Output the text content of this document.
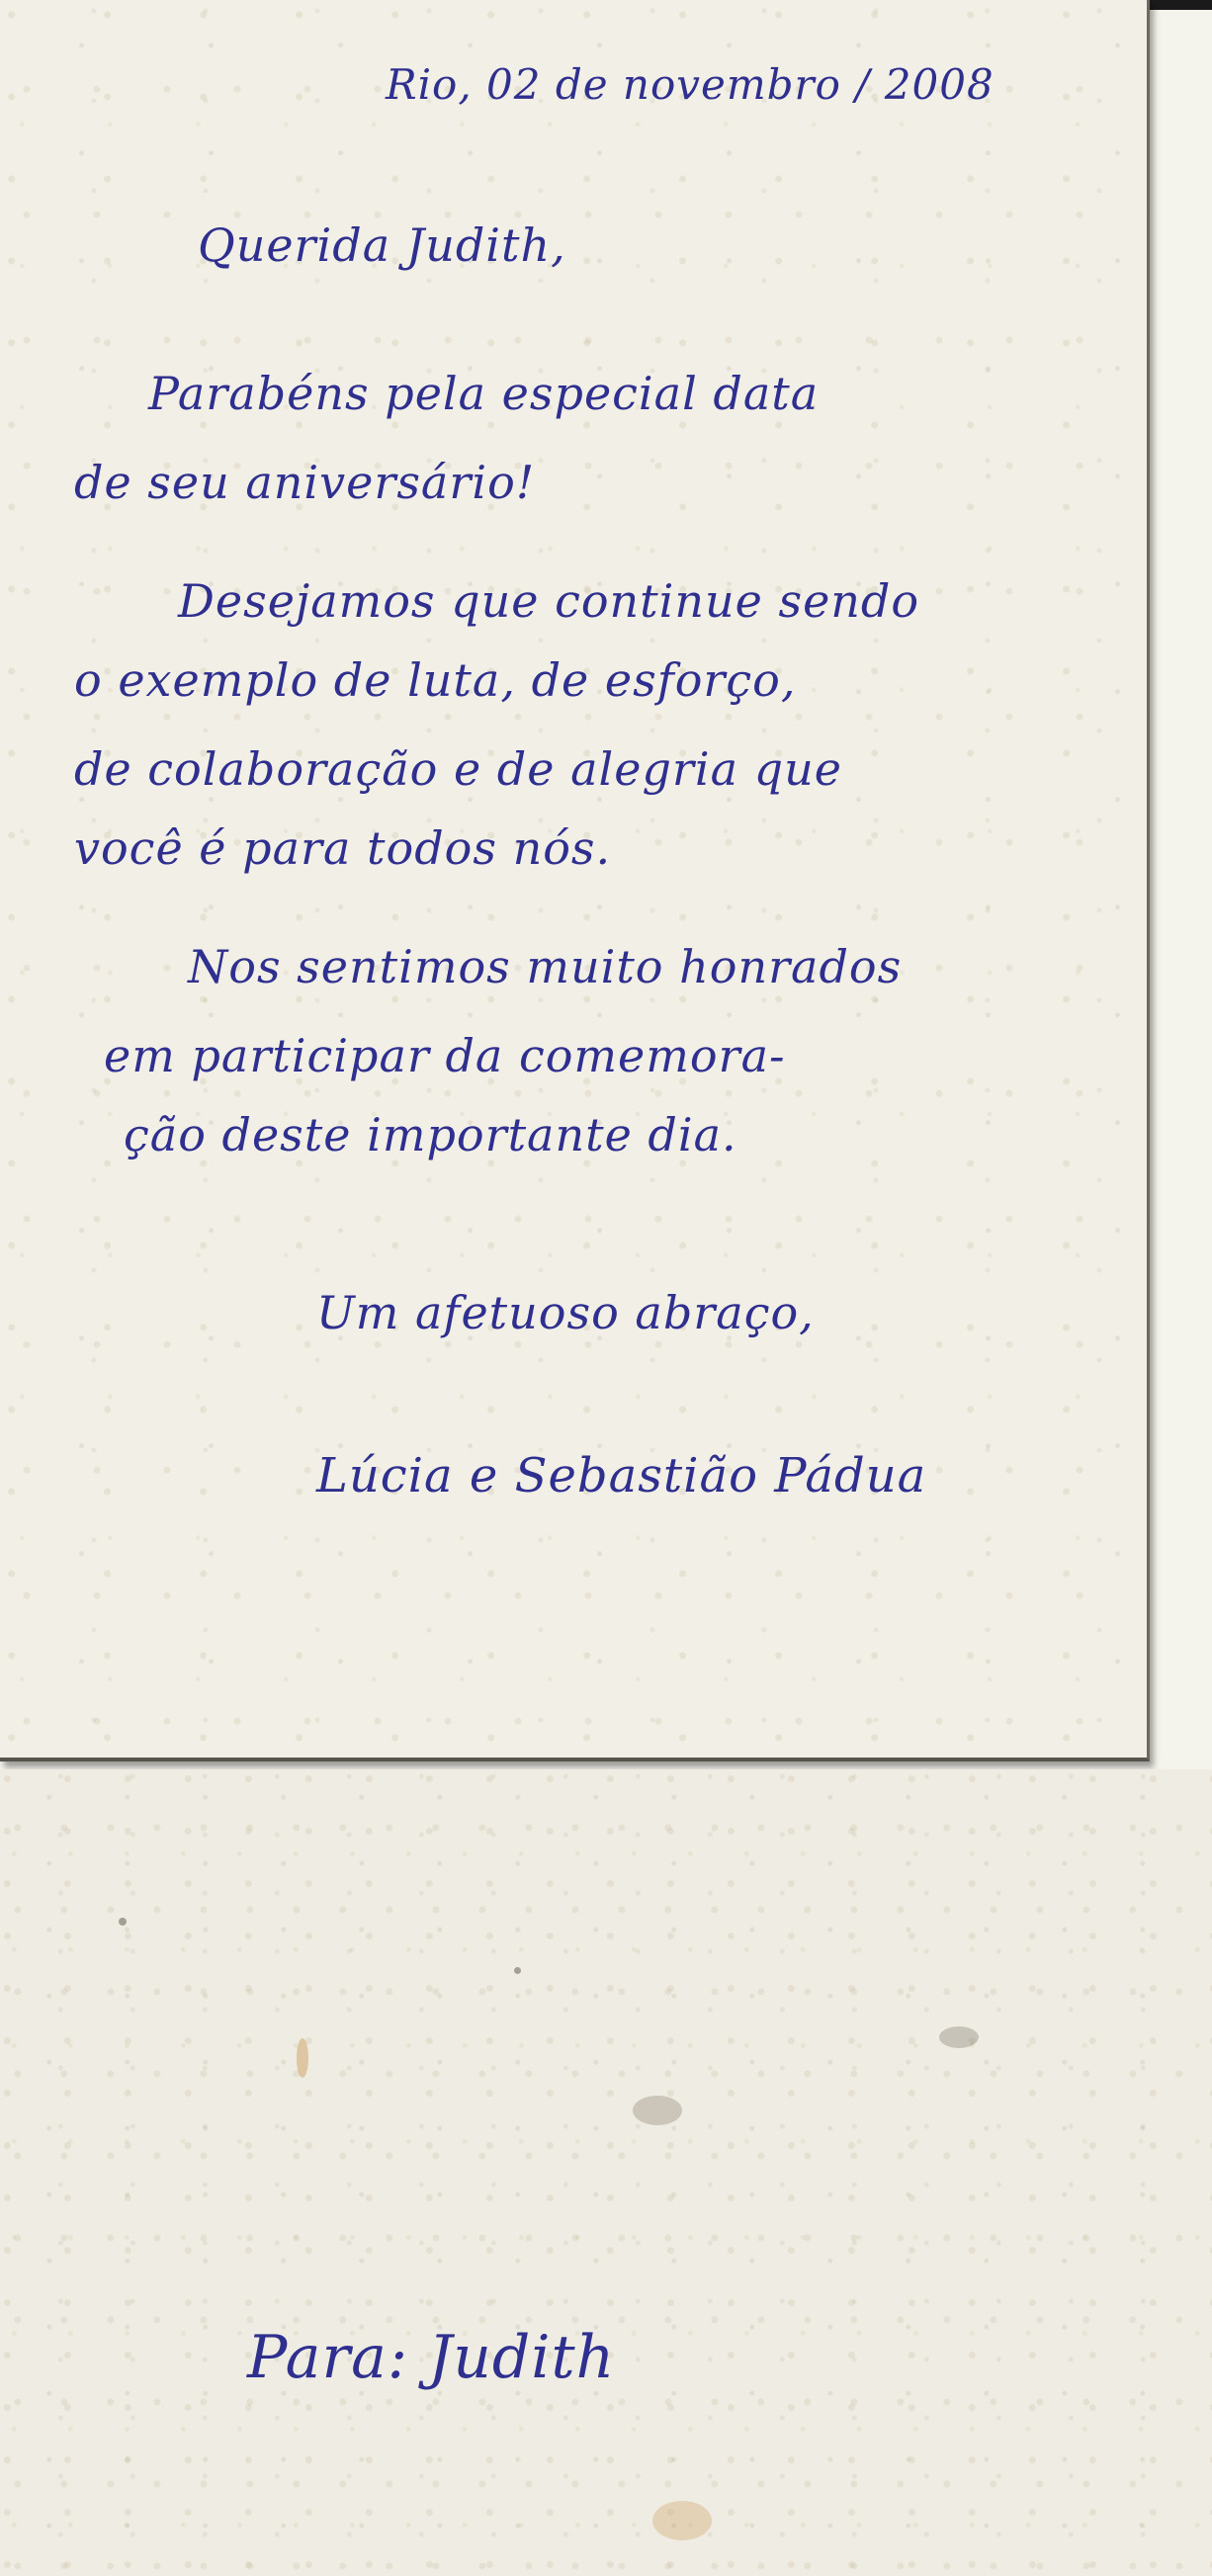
Rio, 02 de novembro / 2008

Querida Judith,

Parabéns pela especial data

de seu aniversário!

Desejamos que continue sendo

o exemplo de luta, de esforço,

de colaboração e de alegria que

você é para todos nós.

Nos sentimos muito honrados

em participar da comemora-

ção deste importante dia.

Um afetuoso abraço,

Lúcia e Sebastião Pádua

Para: Judith
